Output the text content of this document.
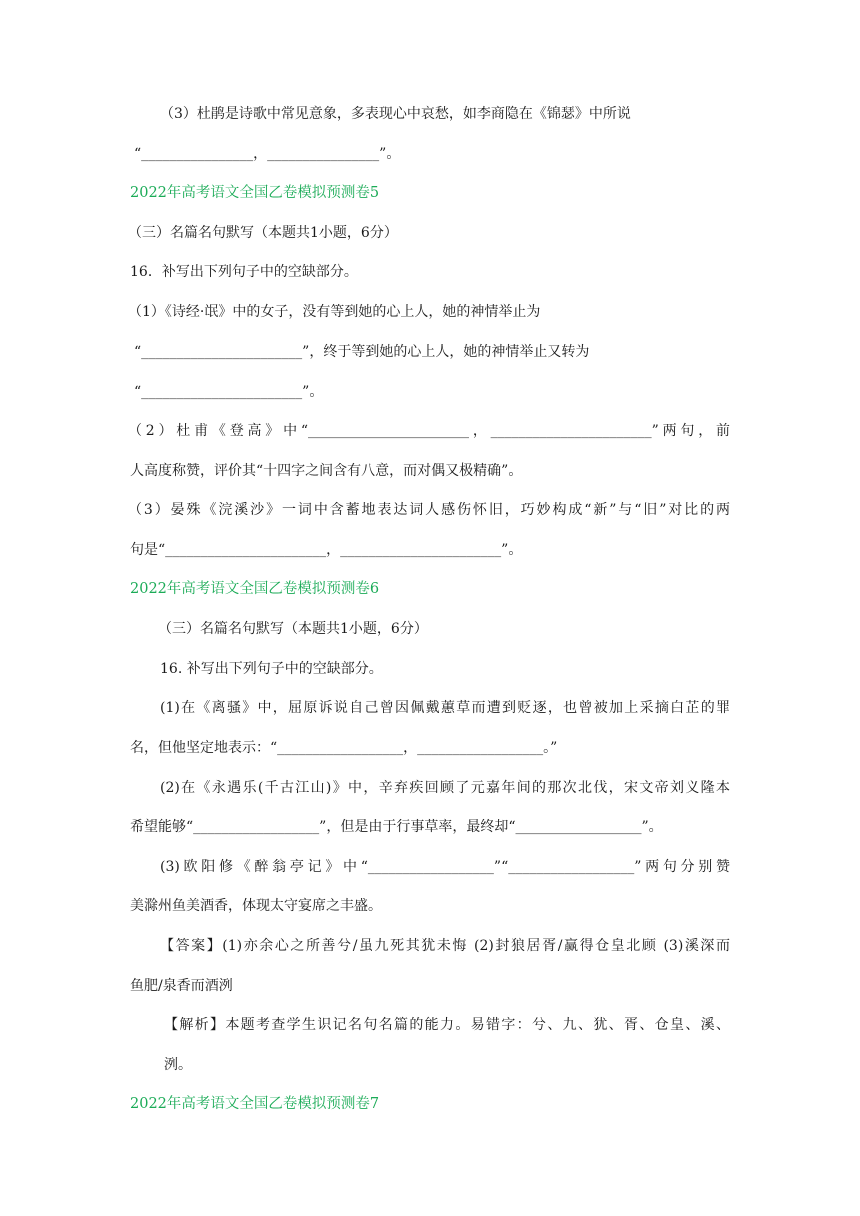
（3）杜鹃是诗歌中常见意象，多表现心中哀愁，如李商隐在《锦瑟》中所说
“________________，________________”。
2022年高考语文全国乙卷模拟预测卷5
（三）名篇名句默写（本题共1小题，6分）
16．补写出下列句子中的空缺部分。
（1）《诗经·氓》中的女子，没有等到她的心上人，她的神情举止为
“_______________________”，终于等到她的心上人，她的神情举止又转为
“_______________________”。
（2）杜甫《登高》中“_______________________，_______________________”两句，前
人高度称赞，评价其“十四字之间含有八意，而对偶又极精确”。
（3）晏殊《浣溪沙》一词中含蓄地表达词人感伤怀旧，巧妙构成“新”与“旧”对比的两
句是“_______________________，_______________________”。
2022年高考语文全国乙卷模拟预测卷6
（三）名篇名句默写（本题共1小题，6分）
16. 补写出下列句子中的空缺部分。
(1)在《离骚》中，屈原诉说自己曾因佩戴蕙草而遭到贬逐，也曾被加上采摘白芷的罪
名，但他坚定地表示：“__________________，__________________。”
(2)在《永遇乐(千古江山)》中，辛弃疾回顾了元嘉年间的那次北伐，宋文帝刘义隆本
希望能够“__________________”，但是由于行事草率，最终却“__________________”。
(3)欧阳修《醉翁亭记》中“__________________”“__________________”两句分别赞
美滁州鱼美酒香，体现太守宴席之丰盛。
【答案】(1)亦余心之所善兮/虽九死其犹未悔 (2)封狼居胥/赢得仓皇北顾 (3)溪深而
鱼肥/泉香而酒洌
【解析】本题考查学生识记名句名篇的能力。易错字：兮、九、犹、胥、仓皇、溪、
洌。
2022年高考语文全国乙卷模拟预测卷7
